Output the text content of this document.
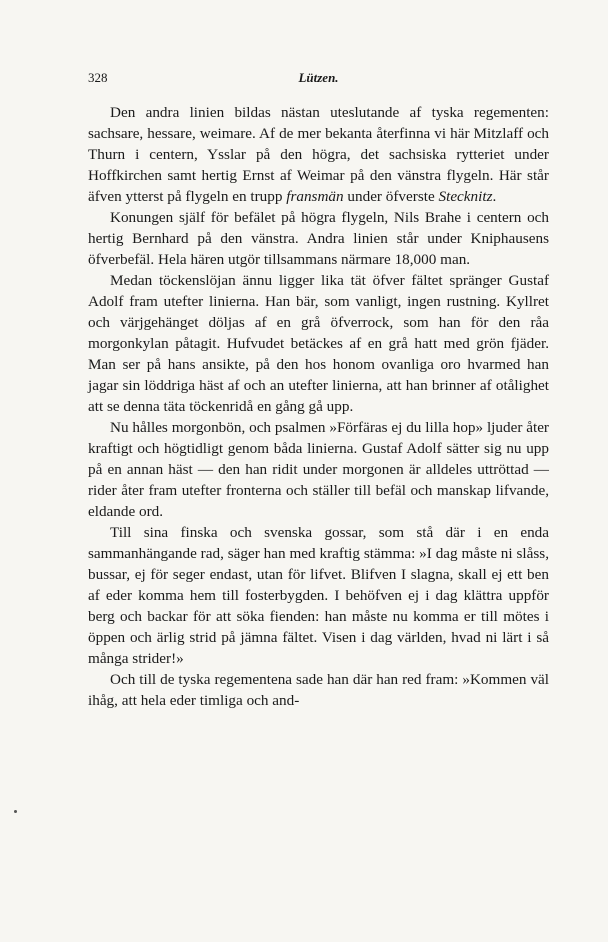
328	Lützen.

Den andra linien bildas nästan uteslutande af tyska regementen: sachsare, hessare, weimare. Af de mer bekanta återfinna vi här Mitzlaff och Thurn i centern, Ysslar på den högra, det sachsiska rytteriet under Hoffkirchen samt hertig Ernst af Weimar på den vänstra flygeln. Här står äfven ytterst på flygeln en trupp fransmän under öfverste Stecknitz.

Konungen själf för befälet på högra flygeln, Nils Brahe i centern och hertig Bernhard på den vänstra. Andra linien står under Kniphausens öfverbefäl. Hela hären utgör tillsammans närmare 18,000 man.

Medan töckenslöjan ännu ligger lika tät öfver fältet spränger Gustaf Adolf fram utefter linierna. Han bär, som vanligt, ingen rustning. Kyllret och värjgehänget döljas af en grå öfverrock, som han för den råa morgonkylan påtagit. Hufvudet betäckes af en grå hatt med grön fjäder. Man ser på hans ansikte, på den hos honom ovanliga oro hvarmed han jagar sin löddriga häst af och an utefter linierna, att han brinner af otålighet att se denna täta töckenridå en gång gå upp.

Nu hålles morgonbön, och psalmen »Förfäras ej du lilla hop» ljuder åter kraftigt och högtidligt genom båda linierna. Gustaf Adolf sätter sig nu upp på en annan häst — den han ridit under morgonen är alldeles uttröttad — rider åter fram utefter fronterna och ställer till befäl och manskap lifvande, eldande ord.

Till sina finska och svenska gossar, som stå där i en enda sammanhängande rad, säger han med kraftig stämma: »I dag måste ni slåss, bussar, ej för seger endast, utan för lifvet. Blifven I slagna, skall ej ett ben af eder komma hem till fosterbygden. I behöfven ej i dag klättra uppför berg och backar för att söka fienden: han måste nu komma er till mötes i öppen och ärlig strid på jämna fältet. Visen i dag världen, hvad ni lärt i så många strider!»

Och till de tyska regementena sade han där han red fram: »Kommen väl ihåg, att hela eder timliga och and-
